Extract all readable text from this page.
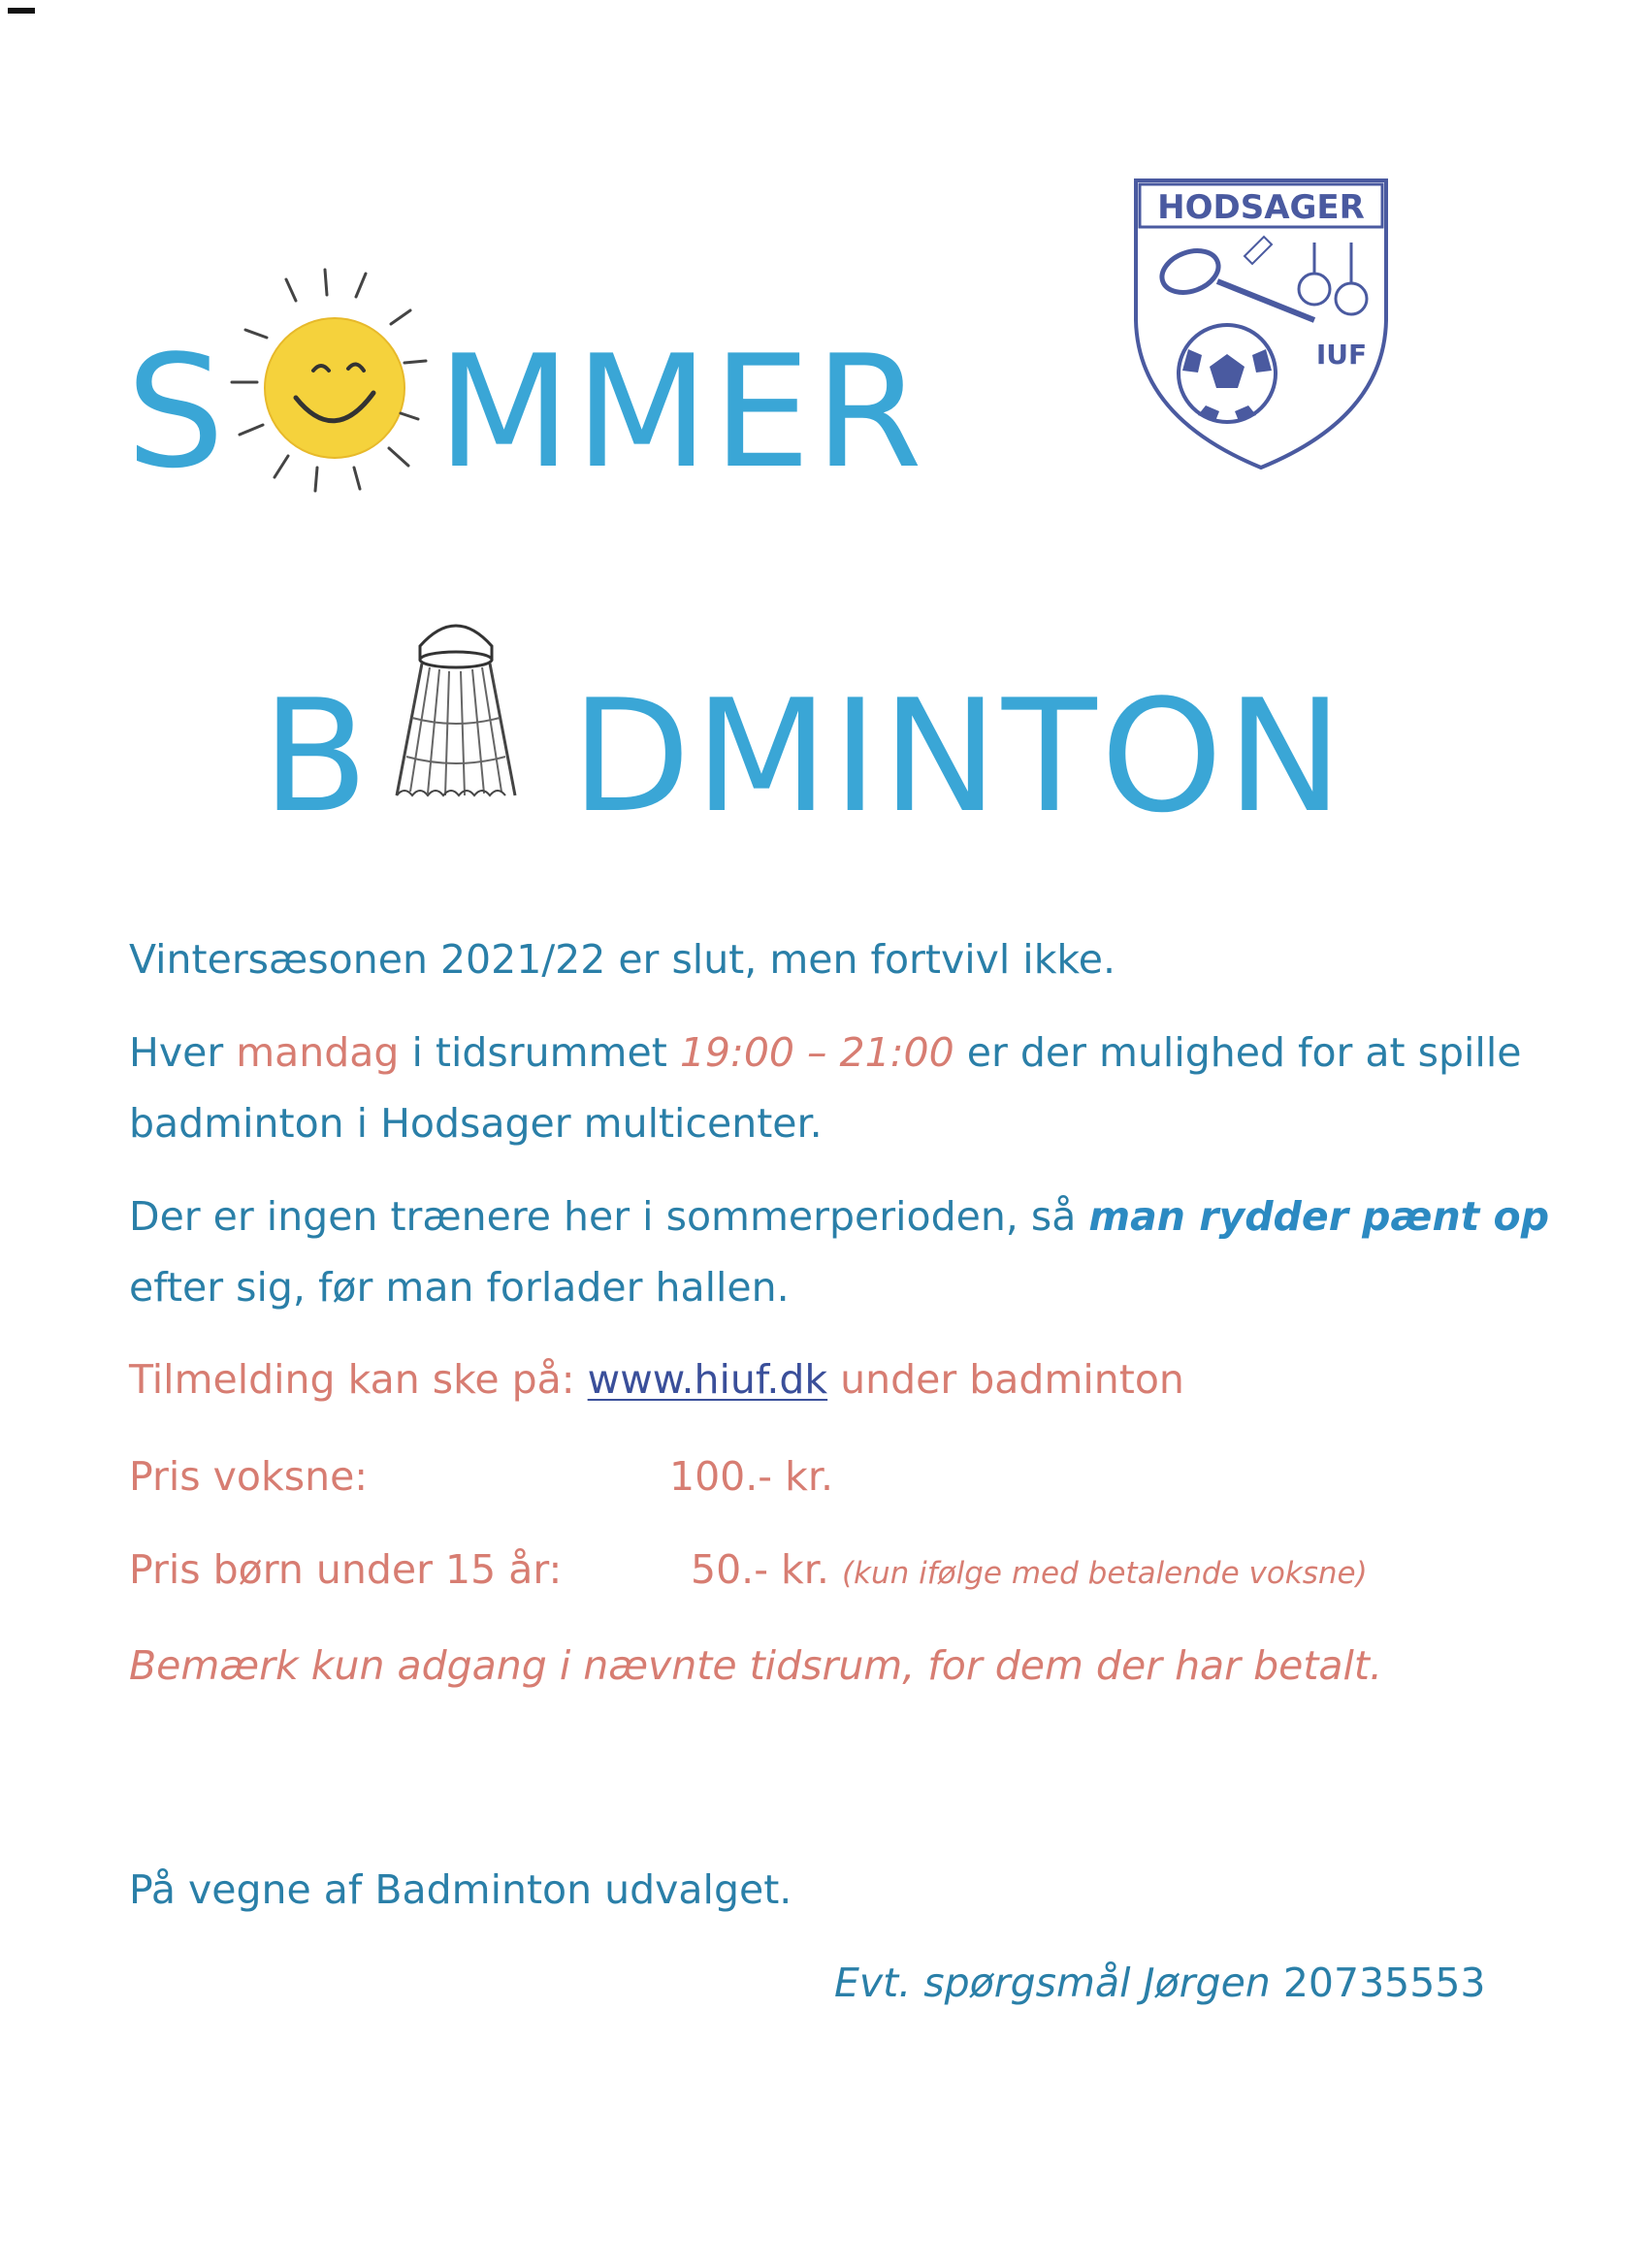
S MMER
HODSAGER
IUF
B DMINTON
Vintersæsonen 2021/22 er slut, men fortvivl ikke.
Hver mandag i tidsrummet 19:00 – 21:00 er der mulighed for at spille
badminton i Hodsager multicenter.
Der er ingen trænere her i sommerperioden, så man rydder pænt op
efter sig, før man forlader hallen.
Tilmelding kan ske på: www.hiuf.dk under badminton
Pris voksne:	100.- kr.
Pris børn under 15 år:	50.- kr. (kun ifølge med betalende voksne)
Bemærk kun adgang i nævnte tidsrum, for dem der har betalt.
På vegne af Badminton udvalget.
Evt. spørgsmål Jørgen 20735553
